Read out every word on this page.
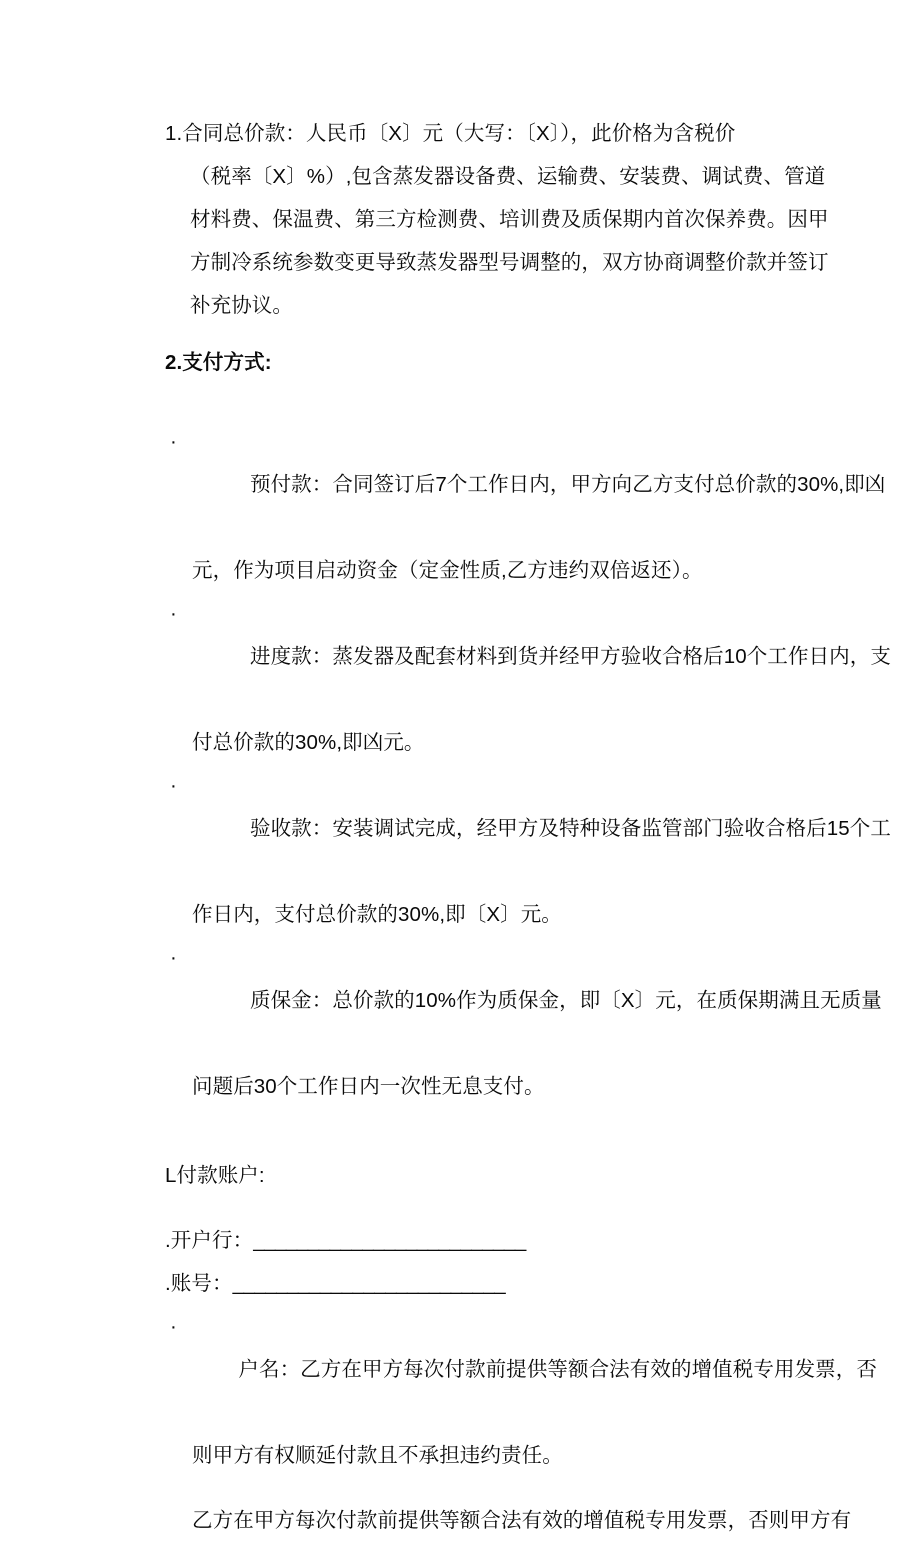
1.合同总价款：人民币〔X〕元（大写：〔X〕），此价格为含税价
（税率〔X〕%）,包含蒸发器设备费、运输费、安装费、调试费、管道
材料费、保温费、第三方检测费、培训费及质保期内首次保养费。因甲
方制冷系统参数变更导致蒸发器型号调整的，双方协商调整价款并签订
补充协议。
2.支付方式:

·
预付款：合同签订后7个工作日内，甲方向乙方支付总价款的30%,即凶

元，作为项目启动资金（定金性质,乙方违约双倍返还）。

·
进度款：蒸发器及配套材料到货并经甲方验收合格后10个工作日内，支

付总价款的30%,即凶元。

·
验收款：安装调试完成，经甲方及特种设备监管部门验收合格后15个工

作日内，支付总价款的30%,即〔X〕元。

·
质保金：总价款的10%作为质保金，即〔X〕元，在质保期满且无质量

问题后30个工作日内一次性无息支付。
L付款账户:
.开户行：_________________________
.账号：_________________________

·
户名：乙方在甲方每次付款前提供等额合法有效的增值税专用发票，否

则甲方有权顺延付款且不承担违约责任。
乙方在甲方每次付款前提供等额合法有效的增值税专用发票，否则甲方有
